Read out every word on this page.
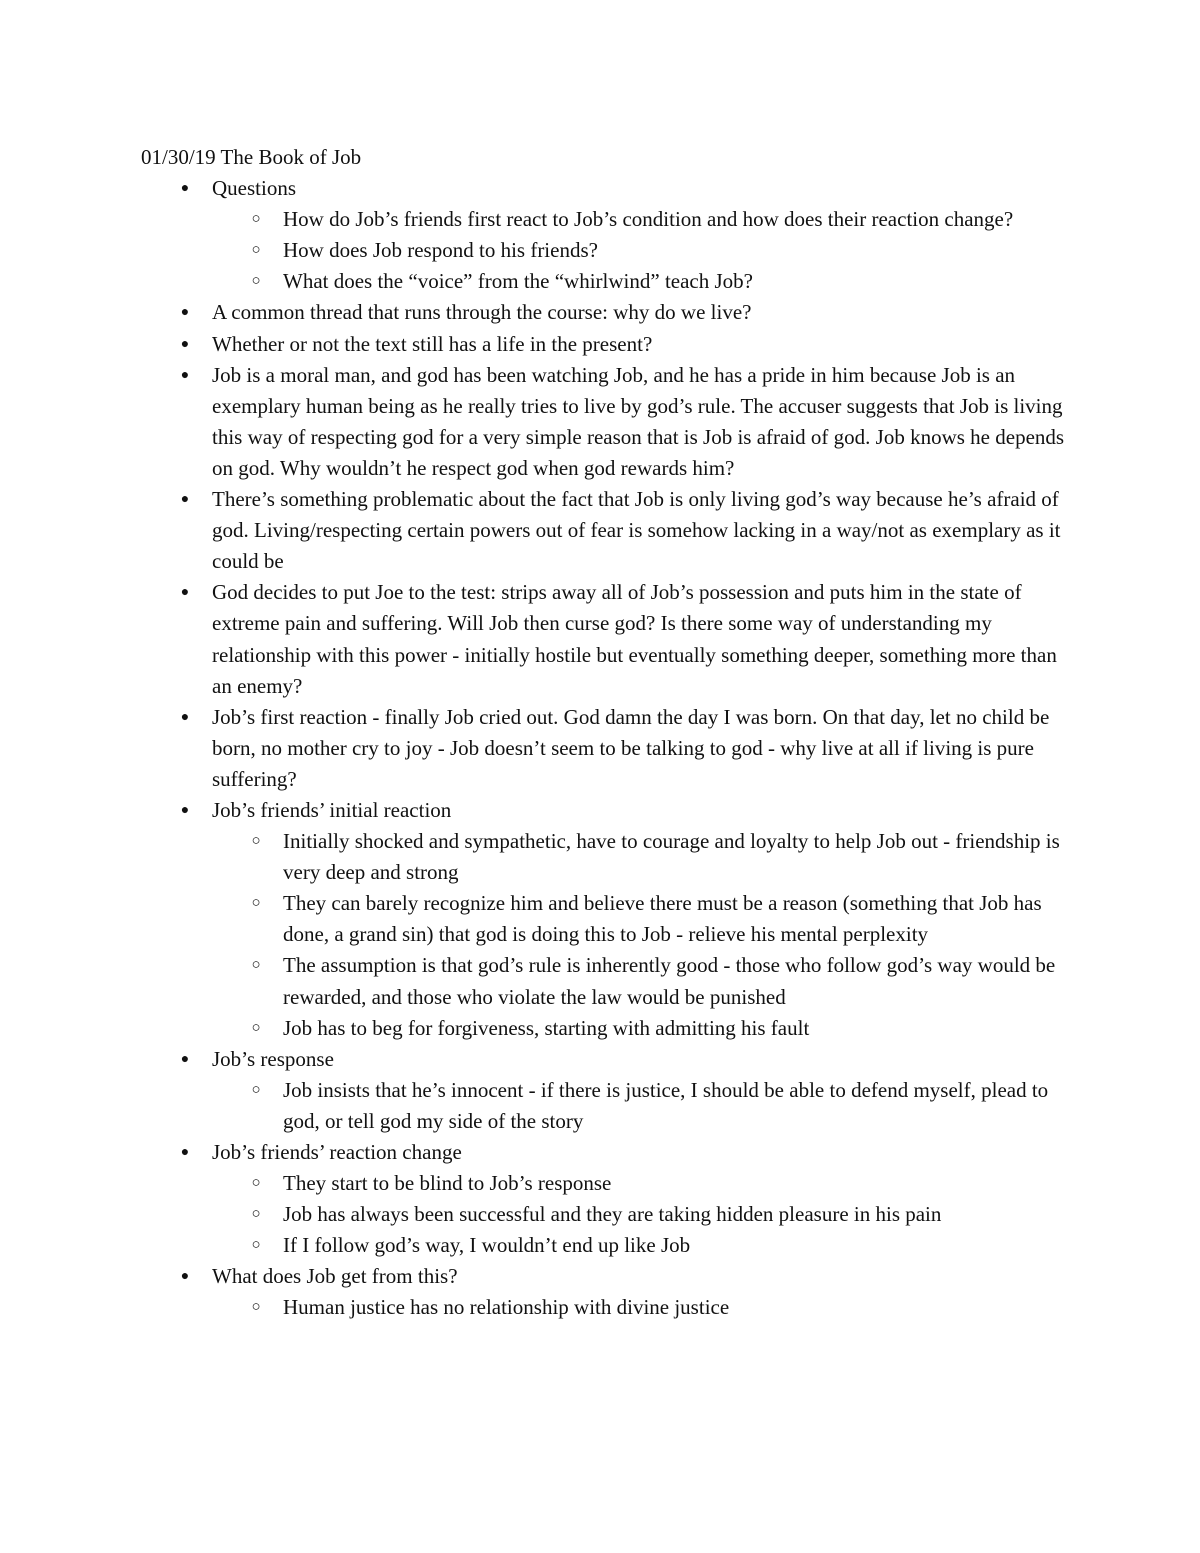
01/30/19 The Book of Job
● Questions
○ How do Job’s friends first react to Job’s condition and how does their reaction change?
○ How does Job respond to his friends?
○ What does the “voice” from the “whirlwind” teach Job?
● A common thread that runs through the course: why do we live?
● Whether or not the text still has a life in the present?
● Job is a moral man, and god has been watching Job, and he has a pride in him because Job is an exemplary human being as he really tries to live by god’s rule. The accuser suggests that Job is living this way of respecting god for a very simple reason that is Job is afraid of god. Job knows he depends on god. Why wouldn’t he respect god when god rewards him?
● There’s something problematic about the fact that Job is only living god’s way because he’s afraid of god. Living/respecting certain powers out of fear is somehow lacking in a way/not as exemplary as it could be
● God decides to put Joe to the test: strips away all of Job’s possession and puts him in the state of extreme pain and suffering. Will Job then curse god? Is there some way of understanding my relationship with this power - initially hostile but eventually something deeper, something more than an enemy?
● Job’s first reaction - finally Job cried out. God damn the day I was born. On that day, let no child be born, no mother cry to joy - Job doesn’t seem to be talking to god - why live at all if living is pure suffering?
● Job’s friends’ initial reaction
○ Initially shocked and sympathetic, have to courage and loyalty to help Job out - friendship is very deep and strong
○ They can barely recognize him and believe there must be a reason (something that Job has done, a grand sin) that god is doing this to Job - relieve his mental perplexity
○ The assumption is that god’s rule is inherently good - those who follow god’s way would be rewarded, and those who violate the law would be punished
○ Job has to beg for forgiveness, starting with admitting his fault
● Job’s response
○ Job insists that he’s innocent - if there is justice, I should be able to defend myself, plead to god, or tell god my side of the story
● Job’s friends’ reaction change
○ They start to be blind to Job’s response
○ Job has always been successful and they are taking hidden pleasure in his pain
○ If I follow god’s way, I wouldn’t end up like Job
● What does Job get from this?
○ Human justice has no relationship with divine justice
